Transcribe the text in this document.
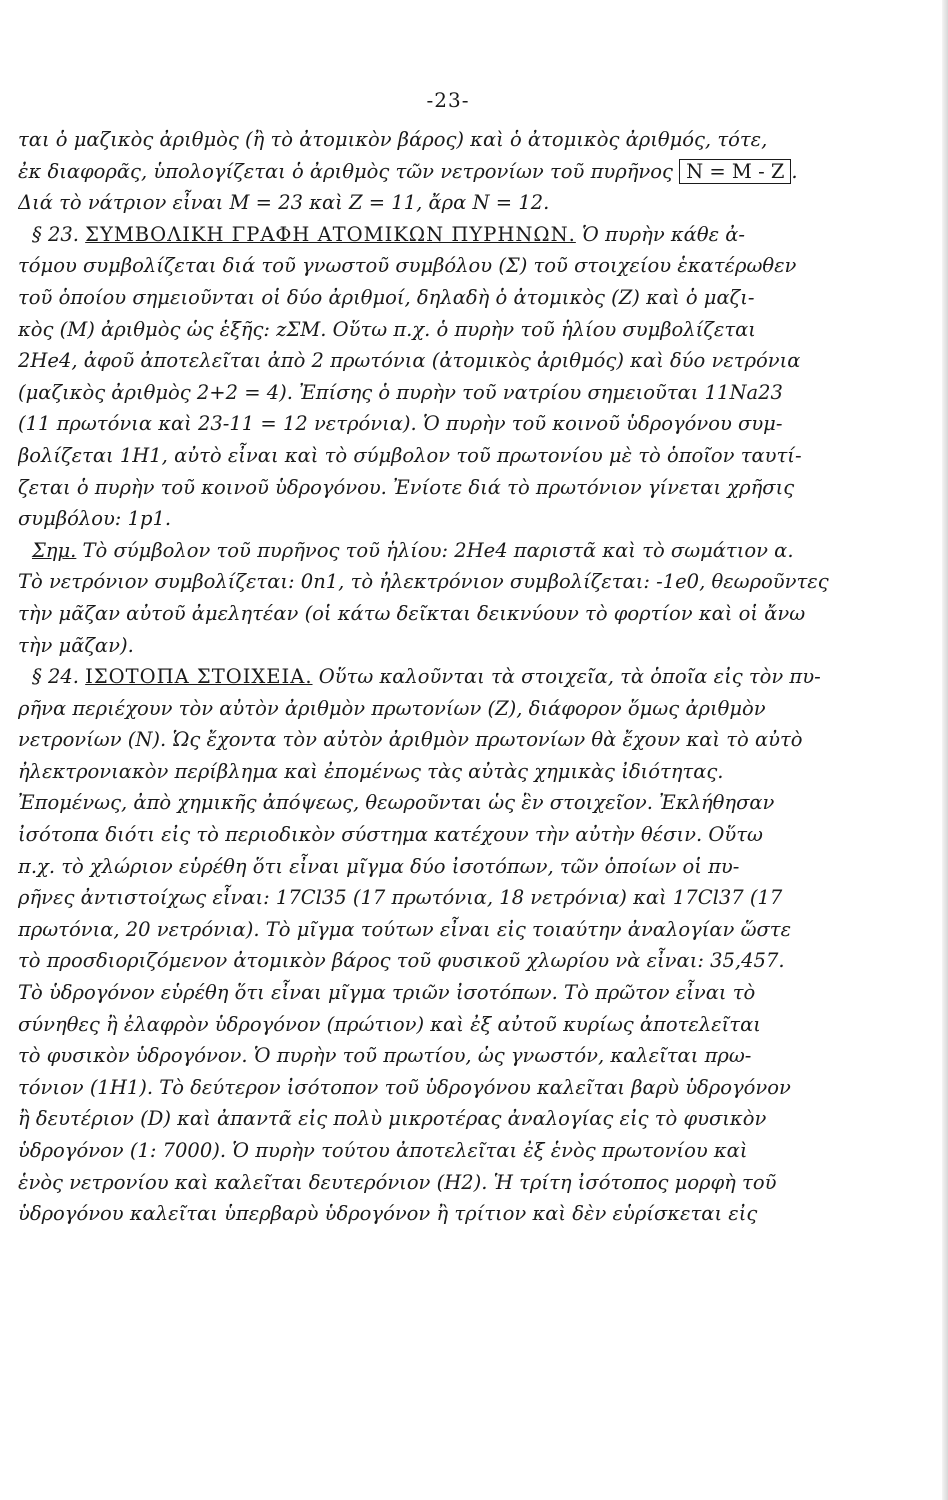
-23-
ται ὁ μαζικὸς ἀριθμὸς (ἢ τὸ ἀτομικὸν βάρος) καὶ ὁ ἀτομικὸς ἀριθμός, τότε,
ἐκ διαφορᾶς, ὑπολογίζεται ὁ ἀριθμὸς τῶν νετρονίων τοῦ πυρῆνος N = M - Z .
Διά τὸ νάτριον εἶναι M = 23 καὶ Z = 11, ἄρα N = 12.
§ 23. ΣΥΜΒΟΛΙΚΗ ΓΡΑΦΗ ΑΤΟΜΙΚΩΝ ΠΥΡΗΝΩΝ. Ὁ πυρὴν κάθε ἀ-
τόμου συμβολίζεται διά τοῦ γνωστοῦ συμβόλου (Σ) τοῦ στοιχείου ἑκατέρωθεν
τοῦ ὁποίου σημειοῦνται οἱ δύο ἀριθμοί, δηλαδὴ ὁ ἀτομικὸς (Z) καὶ ὁ μαζι-
κὸς (M) ἀριθμὸς ὡς ἑξῆς: zΣM. Οὕτω π.χ. ὁ πυρὴν τοῦ ἡλίου συμβολίζεται
2He4, ἀφοῦ ἀποτελεῖται ἀπὸ 2 πρωτόνια (ἀτομικὸς ἀριθμός) καὶ δύο νετρόνια
(μαζικὸς ἀριθμὸς 2+2 = 4). Ἐπίσης ὁ πυρὴν τοῦ νατρίου σημειοῦται 11Na23
(11 πρωτόνια καὶ 23-11 = 12 νετρόνια). Ὁ πυρὴν τοῦ κοινοῦ ὑδρογόνου συμ-
βολίζεται 1H1, αὐτὸ εἶναι καὶ τὸ σύμβολον τοῦ πρωτονίου μὲ τὸ ὁποῖον ταυτί-
ζεται ὁ πυρὴν τοῦ κοινοῦ ὑδρογόνου. Ἐνίοτε διά τὸ πρωτόνιον γίνεται χρῆσις
συμβόλου: 1p1.
Σημ. Τὸ σύμβολον τοῦ πυρῆνος τοῦ ἡλίου: 2He4 παριστᾶ καὶ τὸ σωμάτιον α.
Τὸ νετρόνιον συμβολίζεται: 0n1, τὸ ἠλεκτρόνιον συμβολίζεται: -1e0, θεωροῦντες
τὴν μᾶζαν αὐτοῦ ἀμελητέαν (οἱ κάτω δεῖκται δεικνύουν τὸ φορτίον καὶ οἱ ἄνω
τὴν μᾶζαν).
§ 24. ΙΣΟΤΟΠΑ ΣΤΟΙΧΕΙΑ. Οὕτω καλοῦνται τὰ στοιχεῖα, τὰ ὁποῖα εἰς τὸν πυ-
ρῆνα περιέχουν τὸν αὐτὸν ἀριθμὸν πρωτονίων (Z), διάφορον ὅμως ἀριθμὸν
νετρονίων (N). Ὡς ἔχοντα τὸν αὐτὸν ἀριθμὸν πρωτονίων θὰ ἔχουν καὶ τὸ αὐτὸ
ἠλεκτρονιακὸν περίβλημα καὶ ἐπομένως τὰς αὐτὰς χημικὰς ἰδιότητας.
Ἐπομένως, ἀπὸ χημικῆς ἀπόψεως, θεωροῦνται ὡς ἓν στοιχεῖον. Ἐκλήθησαν
ἰσότοπα διότι εἰς τὸ περιοδικὸν σύστημα κατέχουν τὴν αὐτὴν θέσιν. Οὕτω
π.χ. τὸ χλώριον εὑρέθη ὅτι εἶναι μῖγμα δύο ἰσοτόπων, τῶν ὁποίων οἱ πυ-
ρῆνες ἀντιστοίχως εἶναι: 17Cl35 (17 πρωτόνια, 18 νετρόνια) καὶ 17Cl37 (17
πρωτόνια, 20 νετρόνια). Τὸ μῖγμα τούτων εἶναι εἰς τοιαύτην ἀναλογίαν ὥστε
τὸ προσδιοριζόμενον ἀτομικὸν βάρος τοῦ φυσικοῦ χλωρίου νὰ εἶναι: 35,457.
Τὸ ὑδρογόνον εὑρέθη ὅτι εἶναι μῖγμα τριῶν ἰσοτόπων. Τὸ πρῶτον εἶναι τὸ
σύνηθες ἢ ἐλαφρὸν ὑδρογόνον (πρώτιον) καὶ ἐξ αὐτοῦ κυρίως ἀποτελεῖται
τὸ φυσικὸν ὑδρογόνον. Ὁ πυρὴν τοῦ πρωτίου, ὡς γνωστόν, καλεῖται πρω-
τόνιον (1H1). Τὸ δεύτερον ἰσότοπον τοῦ ὑδρογόνου καλεῖται βαρὺ ὑδρογόνον
ἢ δευτέριον (D) καὶ ἀπαντᾶ εἰς πολὺ μικροτέρας ἀναλογίας εἰς τὸ φυσικὸν
ὑδρογόνον (1: 7000). Ὁ πυρὴν τούτου ἀποτελεῖται ἐξ ἑνὸς πρωτονίου καὶ
ἑνὸς νετρονίου καὶ καλεῖται δευτερόνιον (H2). Ἡ τρίτη ἰσότοπος μορφὴ τοῦ
ὑδρογόνου καλεῖται ὑπερβαρὺ ὑδρογόνον ἢ τρίτιον καὶ δὲν εὑρίσκεται εἰς
